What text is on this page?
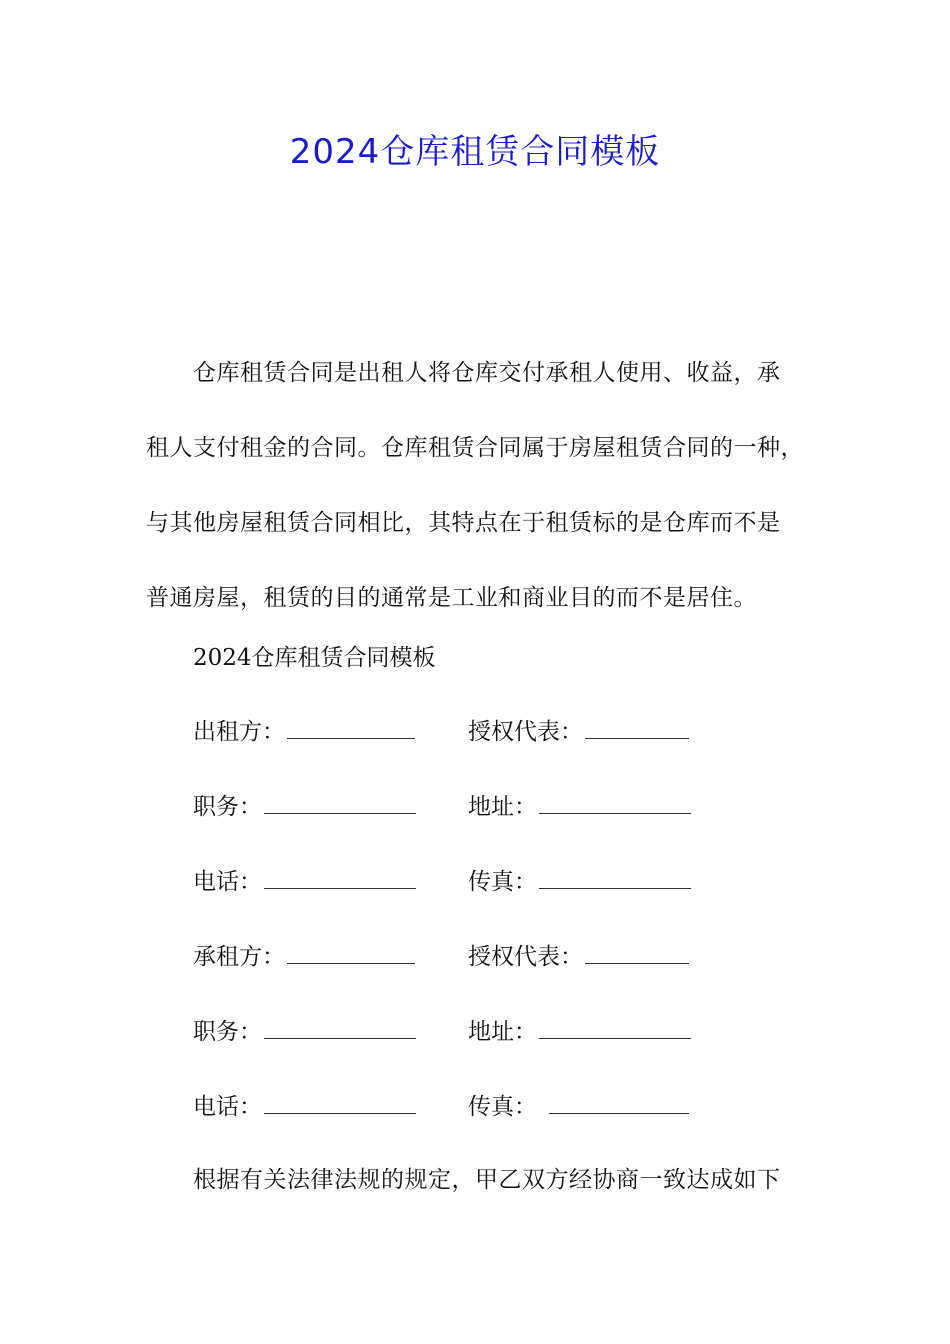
2024仓库租赁合同模板
仓库租赁合同是出租人将仓库交付承租人使用、收益，承
租人支付租金的合同。仓库租赁合同属于房屋租赁合同的一种，
与其他房屋租赁合同相比，其特点在于租赁标的是仓库而不是
普通房屋，租赁的目的通常是工业和商业目的而不是居住。
2024仓库租赁合同模板
出租方：	授权代表：
职务：	地址：
电话：	传真：
承租方：	授权代表：
职务：	地址：
电话：	传真：
根据有关法律法规的规定，甲乙双方经协商一致达成如下
